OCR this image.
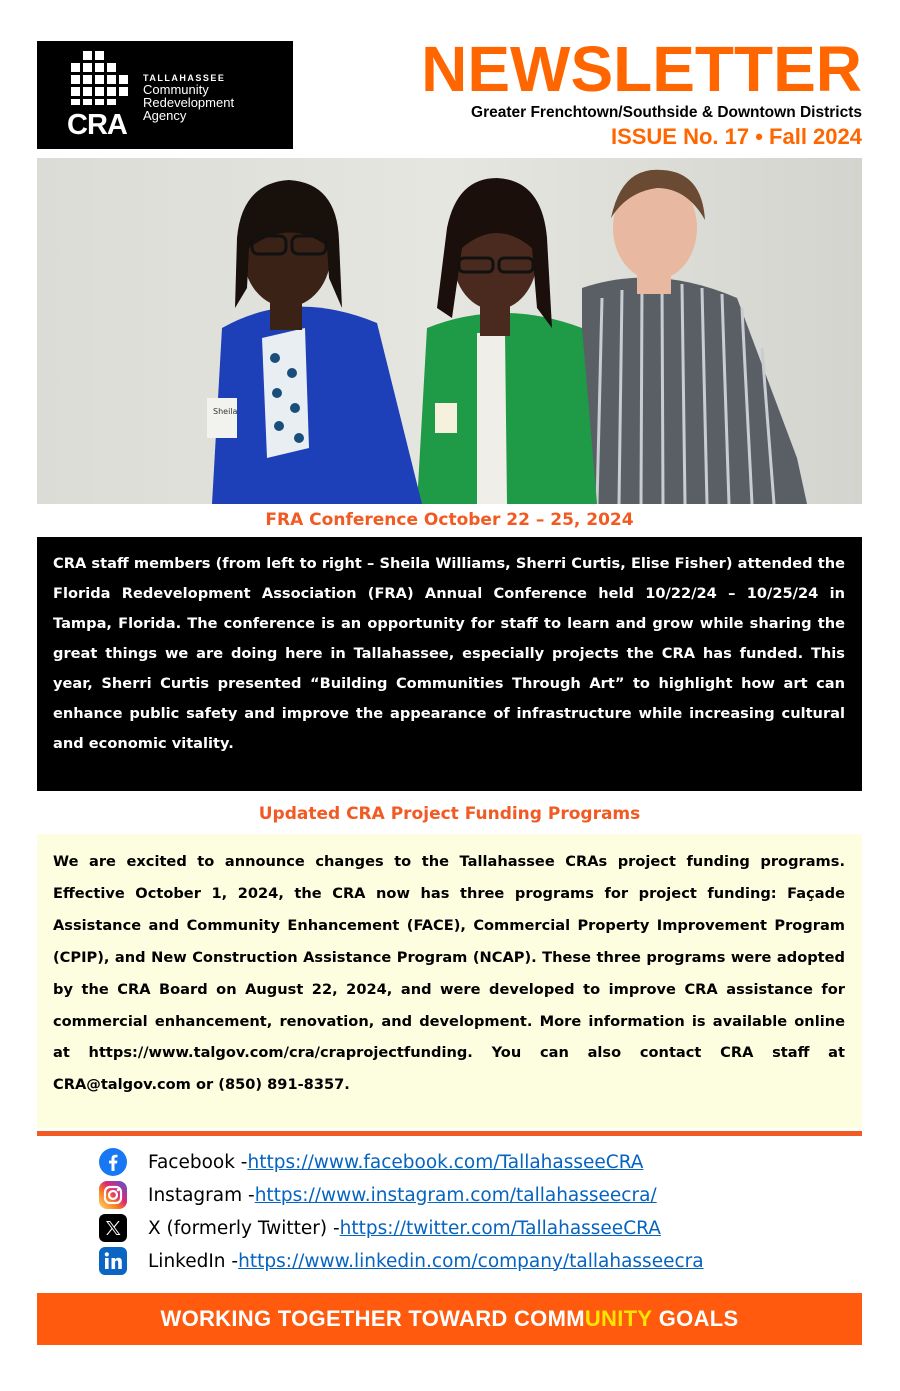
CRA
TALLAHASSEE
Community
Redevelopment
Agency
NEWSLETTER
Greater Frenchtown/Southside & Downtown Districts
ISSUE No. 17 • Fall 2024
Sheila
FRA Conference October 22 – 25, 2024

CRA staff members (from left to right – Sheila Williams, Sherri Curtis, Elise Fisher) attended the Florida Redevelopment Association (FRA) Annual Conference held 10/22/24 – 10/25/24 in Tampa, Florida. The conference is an opportunity for staff to learn and grow while sharing the great things we are doing here in Tallahassee, especially projects the CRA has funded. This year, Sherri Curtis presented “Building Communities Through Art” to highlight how art can enhance public safety and improve the appearance of infrastructure while increasing cultural and economic vitality.

Updated CRA Project Funding Programs

We are excited to announce changes to the Tallahassee CRAs project funding programs. Effective October 1, 2024, the CRA now has three programs for project funding: Façade Assistance and Community Enhancement (FACE), Commercial Property Improvement Program (CPIP), and New Construction Assistance Program (NCAP). These three programs were adopted by the CRA Board on August 22, 2024, and were developed to improve CRA assistance for commercial enhancement, renovation, and development. More information is available online at https://www.talgov.com/cra/craprojectfunding. You can also contact CRA staff at CRA@talgov.com or (850) 891-8357.

Facebook - https://www.facebook.com/TallahasseeCRA
Instagram - https://www.instagram.com/tallahasseecra/
X (formerly Twitter) - https://twitter.com/TallahasseeCRA
LinkedIn - https://www.linkedin.com/company/tallahasseecra
WORKING TOGETHER TOWARD COMM UNITY GOALS
